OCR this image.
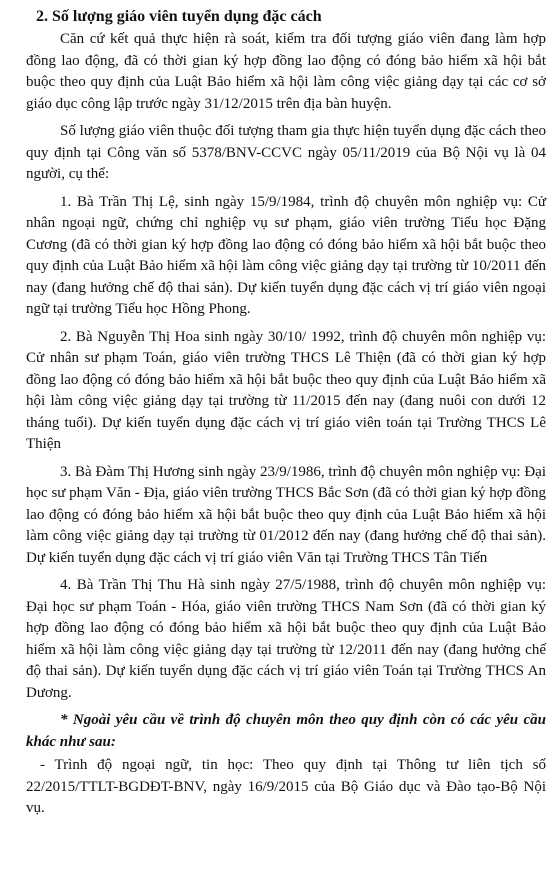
2. Số lượng giáo viên tuyển dụng đặc cách

Căn cứ kết quả thực hiện rà soát, kiểm tra đối tượng giáo viên đang làm hợp đồng lao động, đã có thời gian ký hợp đồng lao động có đóng bảo hiểm xã hội bắt buộc theo quy định của Luật Bảo hiểm xã hội làm công việc giảng dạy tại các cơ sở giáo dục công lập trước ngày 31/12/2015 trên địa bàn huyện.

Số lượng giáo viên thuộc đối tượng tham gia thực hiện tuyển dụng đặc cách theo quy định tại Công văn số 5378/BNV-CCVC ngày 05/11/2019 của Bộ Nội vụ là 04 người, cụ thể:

1. Bà Trần Thị Lệ, sinh ngày 15/9/1984, trình độ chuyên môn nghiệp vụ: Cử nhân ngoại ngữ, chứng chỉ nghiệp vụ sư phạm, giáo viên trường Tiểu học Đặng Cương (đã có thời gian ký hợp đồng lao động có đóng bảo hiểm xã hội bắt buộc theo quy định của Luật Bảo hiểm xã hội làm công việc giảng dạy tại trường từ 10/2011 đến nay (đang hưởng chế độ thai sản). Dự kiến tuyển dụng đặc cách vị trí giáo viên ngoại ngữ tại trường Tiểu học Hồng Phong.

2. Bà Nguyễn Thị Hoa sinh ngày 30/10/ 1992, trình độ chuyên môn nghiệp vụ: Cử nhân sư phạm Toán, giáo viên trường THCS Lê Thiện (đã có thời gian ký hợp đồng lao động có đóng bảo hiểm xã hội bắt buộc theo quy định của Luật Bảo hiểm xã hội làm công việc giảng dạy tại trường từ 11/2015 đến nay (đang nuôi con dưới 12 tháng tuổi). Dự kiến tuyển dụng đặc cách vị trí giáo viên toán tại Trường THCS Lê Thiện

3. Bà Đàm Thị Hương sinh ngày 23/9/1986, trình độ chuyên môn nghiệp vụ: Đại học sư phạm Văn - Địa, giáo viên trường THCS Bắc Sơn (đã có thời gian ký hợp đồng lao động có đóng bảo hiểm xã hội bắt buộc theo quy định của Luật Bảo hiểm xã hội làm công việc giảng dạy tại trường từ 01/2012 đến nay (đang hưởng chế độ thai sản). Dự kiến tuyển dụng đặc cách vị trí giáo viên Văn tại Trường THCS Tân Tiến

4. Bà Trần Thị Thu Hà sinh ngày 27/5/1988, trình độ chuyên môn nghiệp vụ: Đại học sư phạm Toán - Hóa, giáo viên trường THCS Nam Sơn (đã có thời gian ký hợp đồng lao động có đóng bảo hiểm xã hội bắt buộc theo quy định của Luật Bảo hiểm xã hội làm công việc giảng dạy tại trường từ 12/2011 đến nay (đang hưởng chế độ thai sản). Dự kiến tuyển dụng đặc cách vị trí giáo viên Toán tại Trường THCS An Dương.

* Ngoài yêu cầu về trình độ chuyên môn theo quy định còn có các yêu cầu khác như sau:

- Trình độ ngoại ngữ, tin học: Theo quy định tại Thông tư liên tịch số 22/2015/TTLT-BGDĐT-BNV, ngày 16/9/2015 của Bộ Giáo dục và Đào tạo-Bộ Nội vụ.
